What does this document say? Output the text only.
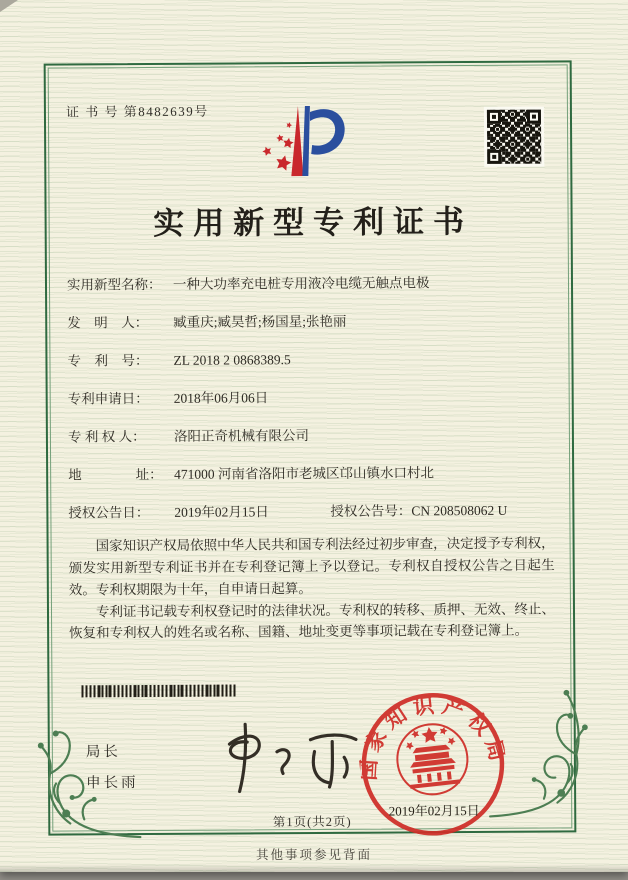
证 书 号 第8482639号
实用新型专利证书
实用新型名称： 一种大功率充电桩专用液冷电缆无触点电极
发　明　人：	臧重庆;臧昊哲;杨国星;张艳丽
专　利　号：	ZL 2018 2 0868389.5
专利申请日：	2018年06月06日
专 利 权 人：	洛阳正奇机械有限公司
地　　　　址： 471000 河南省洛阳市老城区邙山镇水口村北
授权公告日：	2019年02月15日	授权公告号： CN 208508062 U

国家知识产权局依照中华人民共和国专利法经过初步审查，决定授予专利权，颁发实用新型专利证书并在专利登记簿上予以登记。专利权自授权公告之日起生效。专利权期限为十年，自申请日起算。

专利证书记载专利权登记时的法律状况。专利权的转移、质押、无效、终止、恢复和专利权人的姓名或名称、国籍、地址变更等事项记载在专利登记簿上。

局长
申长雨
国家知识产权局
2019年02月15日
第1页(共2页)
其他事项参见背面
